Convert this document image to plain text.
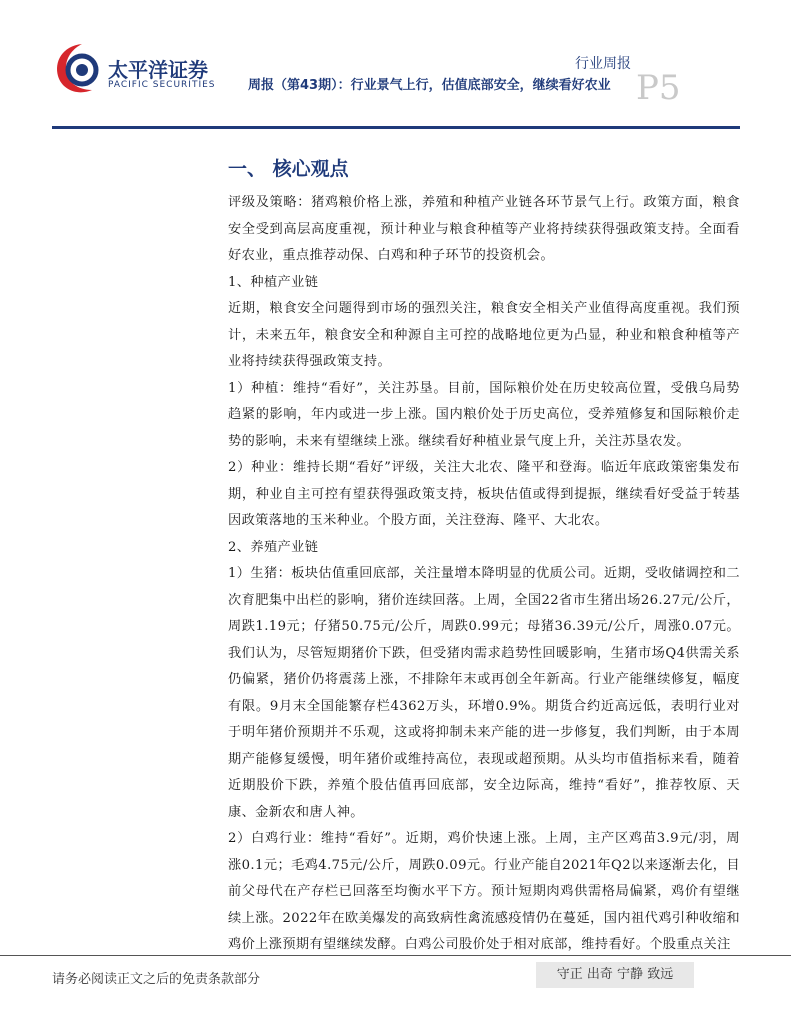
太平洋证券
PACIFIC SECURITIES
行业周报
周报（第43期）：行业景气上行，估值底部安全，继续看好农业 P5
一、 核心观点

评级及策略：猪鸡粮价格上涨，养殖和种植产业链各环节景气上行。政策方面，粮食安全受到高层高度重视，预计种业与粮食种植等产业将持续获得强政策支持。全面看好农业，重点推荐动保、白鸡和种子环节的投资机会。

1、种植产业链

近期，粮食安全问题得到市场的强烈关注，粮食安全相关产业值得高度重视。我们预计，未来五年，粮食安全和种源自主可控的战略地位更为凸显，种业和粮食种植等产业将持续获得强政策支持。

1）种植：维持“看好”，关注苏垦。目前，国际粮价处在历史较高位置，受俄乌局势趋紧的影响，年内或进一步上涨。国内粮价处于历史高位，受养殖修复和国际粮价走势的影响，未来有望继续上涨。继续看好种植业景气度上升，关注苏垦农发。

2）种业：维持长期“看好”评级，关注大北农、隆平和登海。临近年底政策密集发布期，种业自主可控有望获得强政策支持，板块估值或得到提振，继续看好受益于转基因政策落地的玉米种业。个股方面，关注登海、隆平、大北农。

2、养殖产业链

1）生猪：板块估值重回底部，关注量增本降明显的优质公司。近期，受收储调控和二次育肥集中出栏的影响，猪价连续回落。上周，全国22省市生猪出场26.27元/公斤，周跌1.19元；仔猪50.75元/公斤，周跌0.99元；母猪36.39元/公斤，周涨0.07元。我们认为，尽管短期猪价下跌，但受猪肉需求趋势性回暖影响，生猪市场Q4供需关系仍偏紧，猪价仍将震荡上涨，不排除年末或再创全年新高。行业产能继续修复，幅度有限。9月末全国能繁存栏4362万头，环增0.9%。期货合约近高远低，表明行业对于明年猪价预期并不乐观，这或将抑制未来产能的进一步修复，我们判断，由于本周期产能修复缓慢，明年猪价或维持高位，表现或超预期。从头均市值指标来看，随着近期股价下跌，养殖个股估值再回底部，安全边际高，维持“看好”，推荐牧原、天康、金新农和唐人神。

2）白鸡行业：维持“看好”。近期，鸡价快速上涨。上周，主产区鸡苗3.9元/羽，周涨0.1元；毛鸡4.75元/公斤，周跌0.09元。行业产能自2021年Q2以来逐渐去化，目前父母代在产存栏已回落至均衡水平下方。预计短期肉鸡供需格局偏紧，鸡价有望继续上涨。2022年在欧美爆发的高致病性禽流感疫情仍在蔓延，国内祖代鸡引种收缩和鸡价上涨预期有望继续发酵。白鸡公司股价处于相对底部，维持看好。个股重点关注

请务必阅读正文之后的免责条款部分	守正 出奇 宁静 致远
